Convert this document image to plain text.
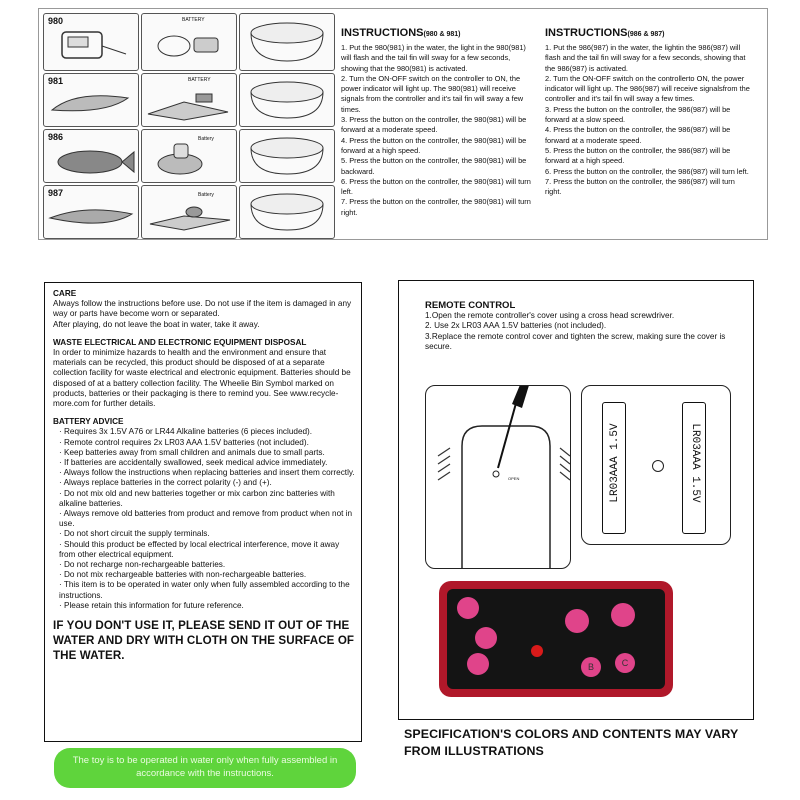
980	BATTERY
981	BATTERY
986	Battery
987	Battery
INSTRUCTIONS(980 & 981)
1. Put the 980(981) in the water, the light in the 980(981) will flash and the tail fin will sway for a few seconds, showing that the 980(981) is activated.
2. Turn the ON-OFF switch on the controller to ON, the power indicator will light up. The 980(981) will receive signals from the controller and it's tail fin will sway a few times.
3. Press the button on the controller, the 980(981) will be forward at a moderate speed.
4. Press the button on the controller, the 980(981) will be forward at a high speed.
5. Press the button on the controller, the 980(981) will be backward.
6. Press the button on the controller, the 980(981) will turn left.
7. Press the button on the controller, the 980(981) will turn right.
INSTRUCTIONS(986 & 987)
1. Put the 986(987) in the water, the lightin the 986(987) will flash and the tail fin will sway for a few seconds, showing that the 986(987) is activated.
2. Turn the ON-OFF switch on the controllerto ON, the power indicator will light up. The 986(987) will receive signalsfrom the controller and it's tail fin will sway a few times.
3. Press the button on the controller, the 986(987) will be forward at a slow speed.
4. Press the button on the controller, the 986(987) will be forward at a moderate speed.
5. Press the button on the controller, the 986(987) will be forward at a high speed.
6. Press the button on the controller, the 986(987) will turn left.
7. Press the button on the controller, the 986(987) will turn right.
CARE
Always follow the instructions before use. Do not use if the item is damaged in any way or parts have become worn or separated.
After playing, do not leave the boat in water, take it away.
WASTE ELECTRICAL AND ELECTRONIC EQUIPMENT DISPOSAL
In order to minimize hazards to health and the environment and ensure that materials can be recycled, this product should be disposed of at a separate collection facility for waste electrical and electronic equipment. Batteries should be disposed of at a battery collection facility. The Wheelie Bin Symbol marked on products, batteries or their packaging is there to remind you. See www.recycle-more.com for further details.
BATTERY ADVICE
· Requires 3x 1.5V A76 or LR44 Alkaline batteries (6 pieces included).
· Remote control requires 2x LR03 AAA 1.5V batteries (not included).
· Keep batteries away from small children and animals due to small parts.
· If batteries are accidentally swallowed, seek medical advice immediately.
· Always follow the instructions when replacing batteries and insert them correctly.
· Always replace batteries in the correct polarity (-) and (+).
· Do not mix old and new batteries together or mix carbon zinc batteries with alkaline batteries.
· Always remove old batteries from product and remove from product when not in use.
· Do not short circuit the supply terminals.
· Should this product be effected by local electrical interference, move it away from other electrical equipment.
· Do not recharge non-rechargeable batteries.
· Do not mix rechargeable batteries with non-rechargeable batteries.
· This item is to be operated in water only when fully assembled according to the instructions.
· Please retain this information for future reference.
IF YOU DON'T USE IT, PLEASE SEND IT OUT OF THE WATER AND DRY WITH CLOTH ON THE SURFACE OF THE WATER.
The toy is to be operated in water only when fully assembled in accordance with the instructions.
REMOTE CONTROL
1.Open the remote controller's cover using a cross head screwdriver.
2. Use 2x LR03 AAA 1.5V batteries (not included).
3.Replace the remote control cover and tighten the screw, making sure the cover is secure.
OPEN	LR03AAA 1.5V	LR03AAA 1.5V
B	C
SPECIFICATION'S COLORS AND CONTENTS MAY VARY FROM ILLUSTRATIONS
